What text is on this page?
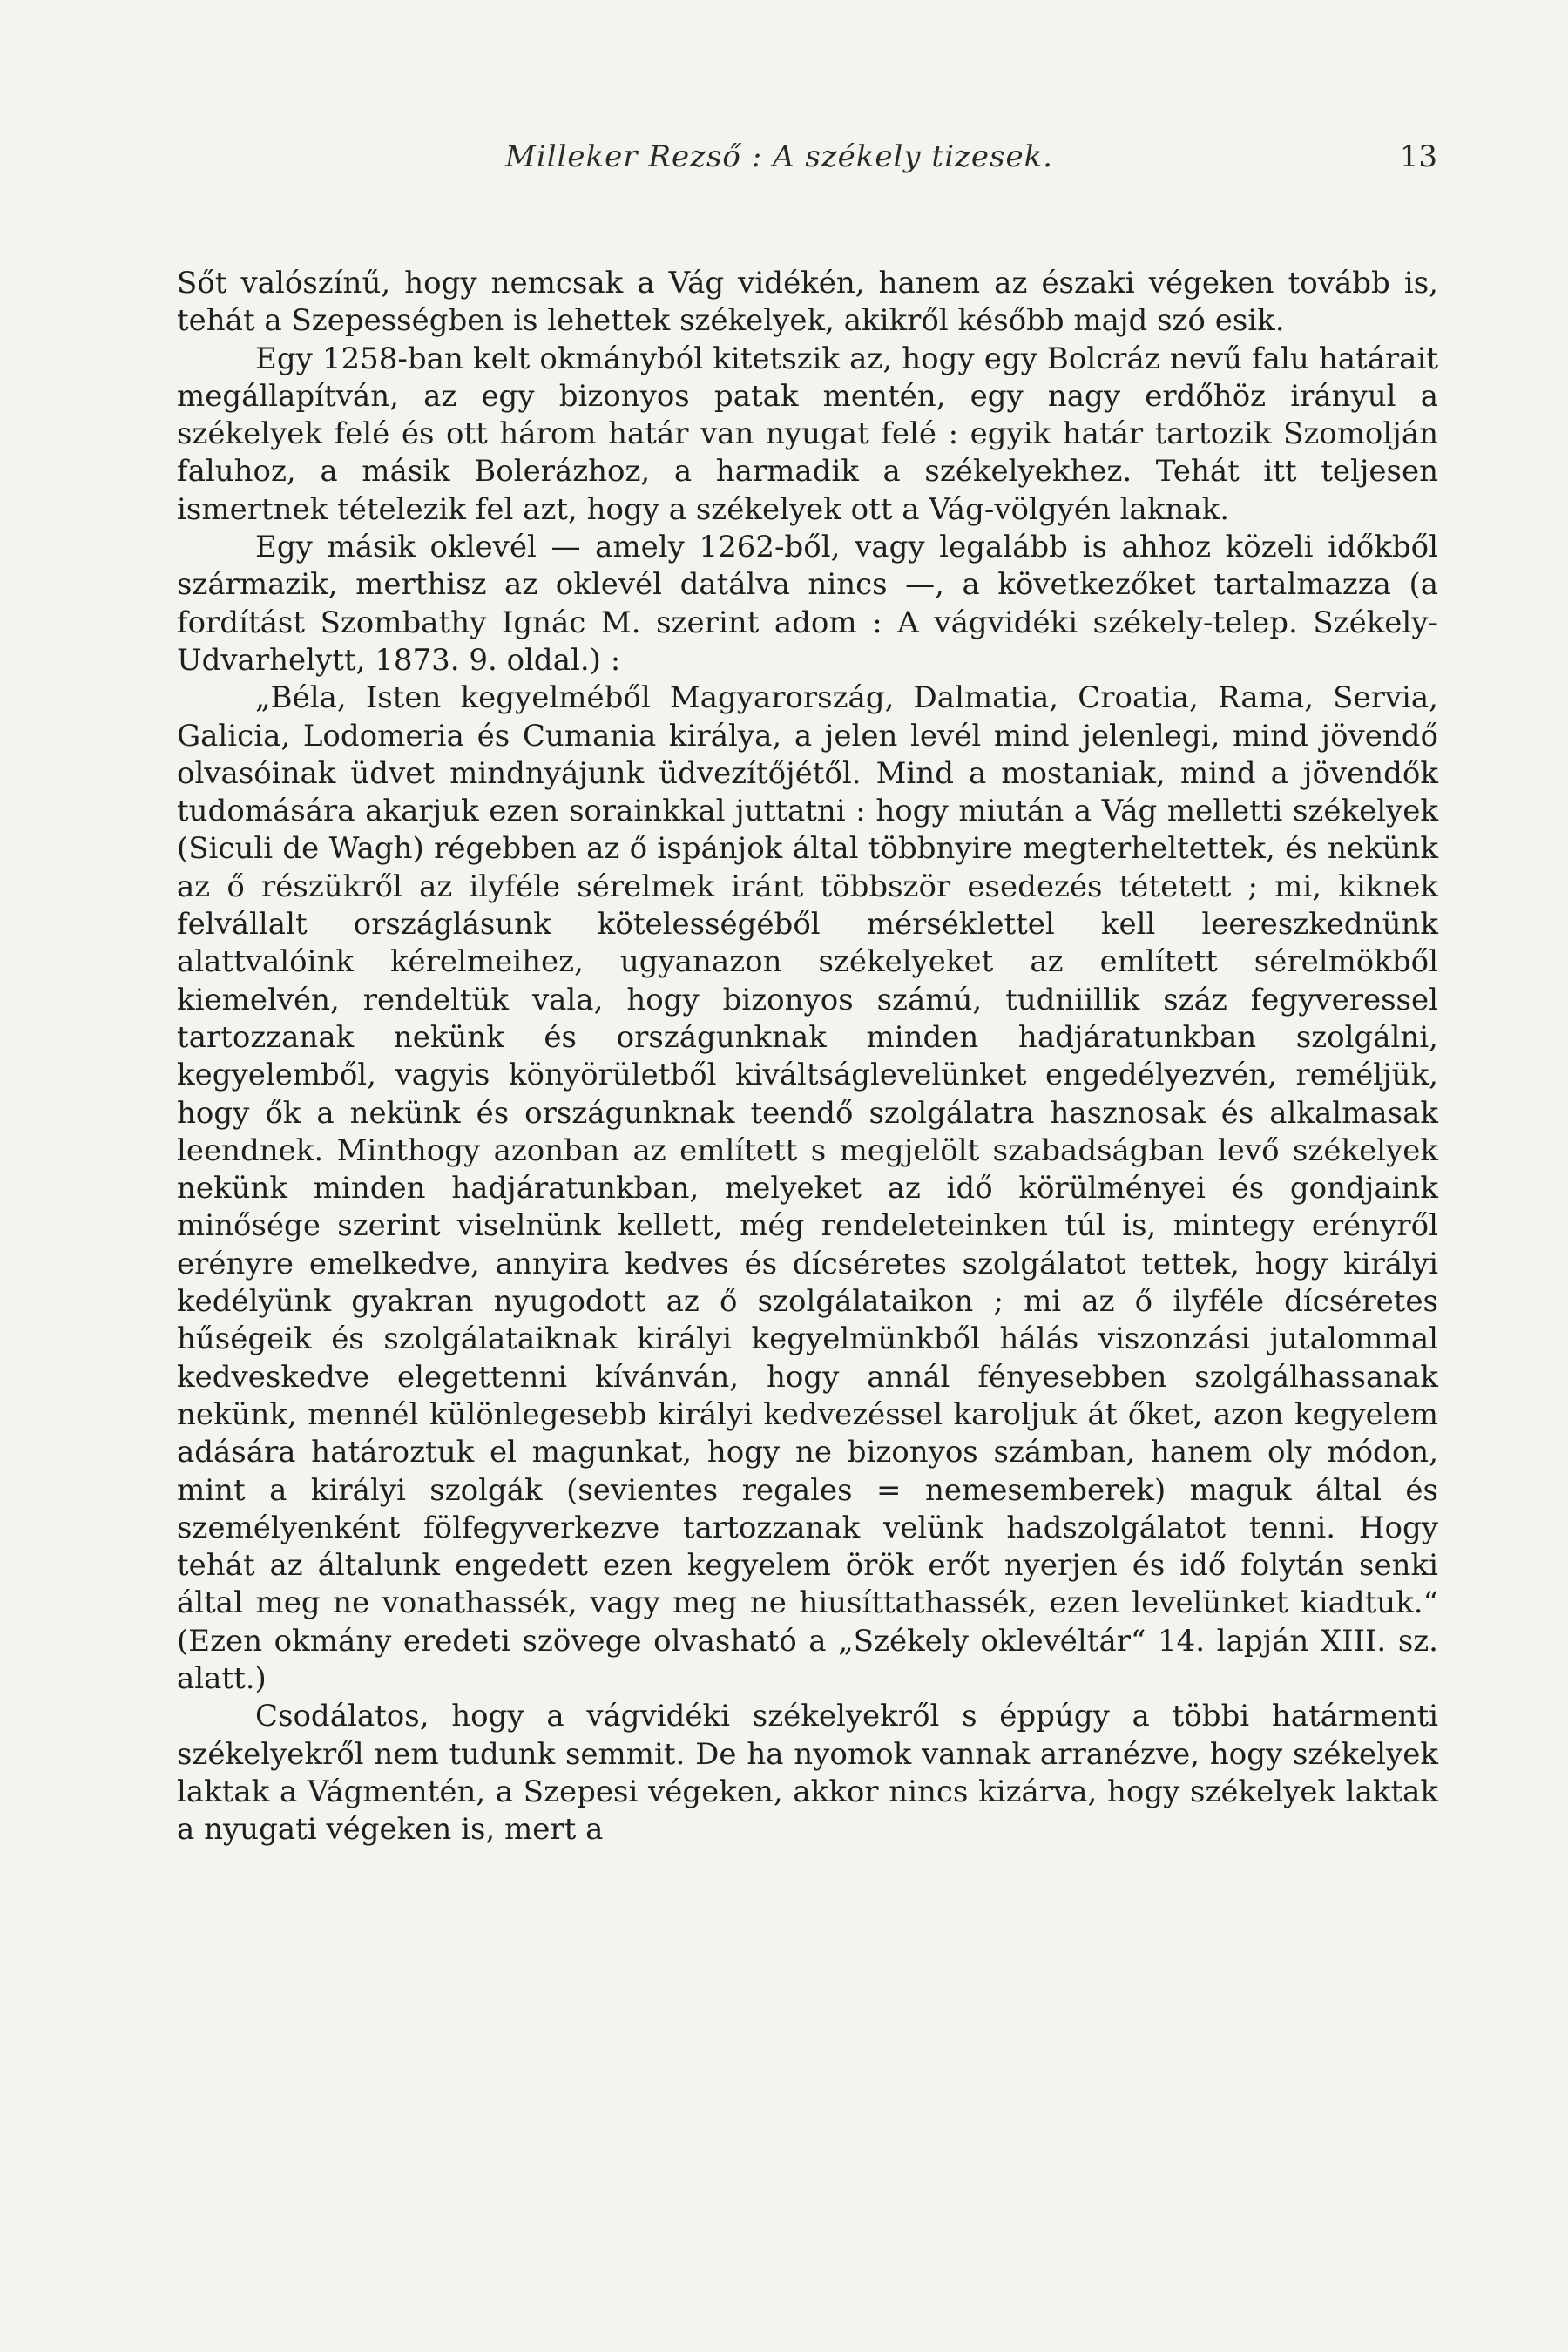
Milleker Rezső : A székely tizesek.	13

Sőt valószínű, hogy nemcsak a Vág vidékén, hanem az északi végeken tovább is, tehát a Szepességben is lehettek székelyek, akikről később majd szó esik.

Egy 1258-ban kelt okmányból kitetszik az, hogy egy Bolcráz nevű falu határait megállapítván, az egy bizonyos patak mentén, egy nagy erdőhöz irányul a székelyek felé és ott három határ van nyugat felé : egyik határ tartozik Szomolján faluhoz, a másik Bolerázhoz, a harmadik a székelyekhez. Tehát itt teljesen ismertnek tételezik fel azt, hogy a székelyek ott a Vág-völgyén laknak.

Egy másik oklevél — amely 1262-ből, vagy legalább is ahhoz közeli időkből származik, merthisz az oklevél datálva nincs —, a következőket tartalmazza (a fordítást Szombathy Ignác M. szerint adom : A vágvidéki székely-telep. Székely-Udvarhelytt, 1873. 9. oldal.) :

„Béla, Isten kegyelméből Magyarország, Dalmatia, Croatia, Rama, Servia, Galicia, Lodomeria és Cumania királya, a jelen levél mind jelenlegi, mind jövendő olvasóinak üdvet mindnyájunk üdvezítőjétől. Mind a mostaniak, mind a jövendők tudomására akarjuk ezen sorainkkal juttatni : hogy miután a Vág melletti székelyek (Siculi de Wagh) régebben az ő ispánjok által többnyire megterheltettek, és nekünk az ő részükről az ilyféle sérelmek iránt többször esedezés tétetett ; mi, kiknek felvállalt országlásunk kötelességéből mérséklettel kell leereszkednünk alattvalóink kérelmeihez, ugyanazon székelyeket az említett sérelmökből kiemelvén, rendeltük vala, hogy bizonyos számú, tudniillik száz fegyveressel tartozzanak nekünk és országunknak minden hadjáratunkban szolgálni, kegyelemből, vagyis könyörületből kiváltságlevelünket engedélyezvén, reméljük, hogy ők a nekünk és országunknak teendő szolgálatra hasznosak és alkalmasak leendnek. Minthogy azonban az említett s megjelölt szabadságban levő székelyek nekünk minden hadjáratunkban, melyeket az idő körülményei és gondjaink minősége szerint viselnünk kellett, még rendeleteinken túl is, mintegy erényről erényre emelkedve, annyira kedves és dícséretes szolgálatot tettek, hogy királyi kedélyünk gyakran nyugodott az ő szolgálataikon ; mi az ő ilyféle dícséretes hűségeik és szolgálataiknak királyi kegyelmünkből hálás viszonzási jutalommal kedveskedve elegettenni kívánván, hogy annál fényesebben szolgálhassanak nekünk, mennél különlegesebb királyi kedvezéssel karoljuk át őket, azon kegyelem adására határoztuk el magunkat, hogy ne bizonyos számban, hanem oly módon, mint a királyi szolgák (sevientes regales = nemesemberek) maguk által és személyenként fölfegyverkezve tartozzanak velünk hadszolgálatot tenni. Hogy tehát az általunk engedett ezen kegyelem örök erőt nyerjen és idő folytán senki által meg ne vonathassék, vagy meg ne hiusíttathassék, ezen levelünket kiadtuk.“ (Ezen okmány eredeti szövege olvasható a „Székely oklevéltár“ 14. lapján XIII. sz. alatt.)

Csodálatos, hogy a vágvidéki székelyekről s éppúgy a többi határmenti székelyekről nem tudunk semmit. De ha nyomok vannak arranézve, hogy székelyek laktak a Vágmentén, a Szepesi végeken, akkor nincs kizárva, hogy székelyek laktak a nyugati végeken is, mert a
